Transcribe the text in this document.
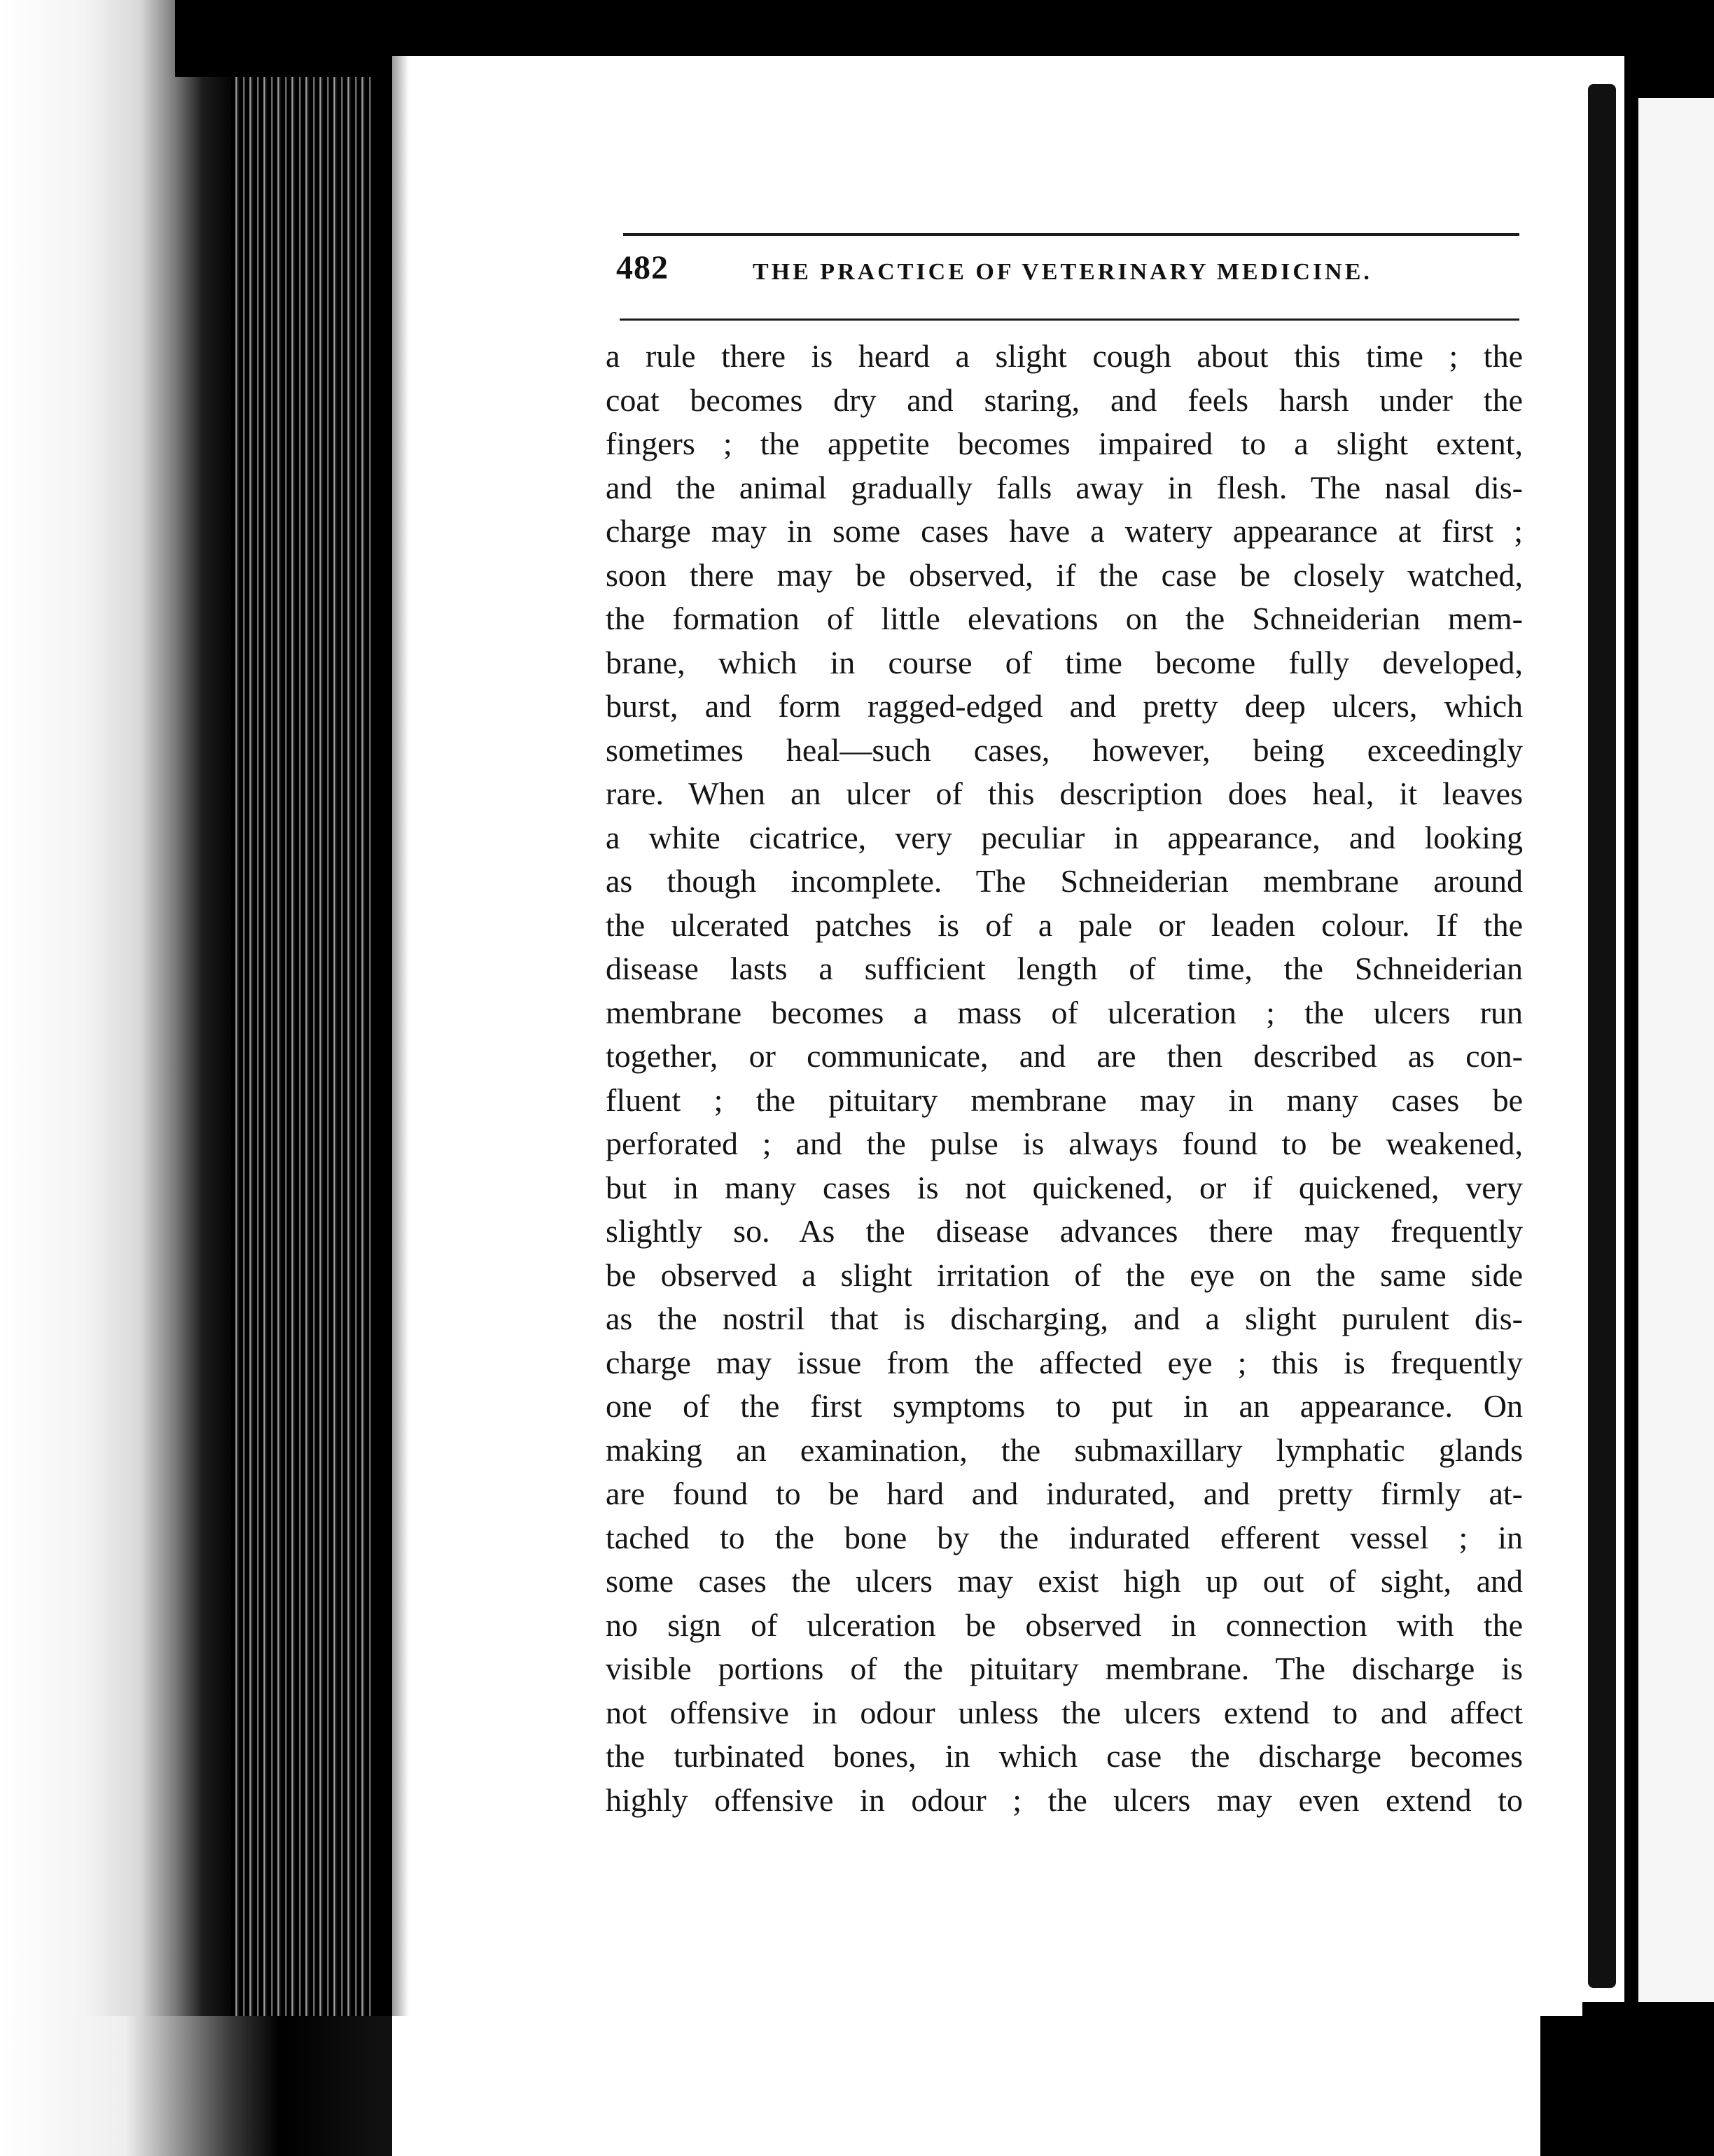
482	THE PRACTICE OF VETERINARY MEDICINE.
a rule there is heard a slight cough about this time ; the
coat becomes dry and staring, and feels harsh under the
fingers ; the appetite becomes impaired to a slight extent,
and the animal gradually falls away in flesh. The nasal dis-
charge may in some cases have a watery appearance at first ;
soon there may be observed, if the case be closely watched,
the formation of little elevations on the Schneiderian mem-
brane, which in course of time become fully developed,
burst, and form ragged-edged and pretty deep ulcers, which
sometimes heal—such cases, however, being exceedingly
rare. When an ulcer of this description does heal, it leaves
a white cicatrice, very peculiar in appearance, and looking
as though incomplete. The Schneiderian membrane around
the ulcerated patches is of a pale or leaden colour. If the
disease lasts a sufficient length of time, the Schneiderian
membrane becomes a mass of ulceration ; the ulcers run
together, or communicate, and are then described as con-
fluent ; the pituitary membrane may in many cases be
perforated ; and the pulse is always found to be weakened,
but in many cases is not quickened, or if quickened, very
slightly so. As the disease advances there may frequently
be observed a slight irritation of the eye on the same side
as the nostril that is discharging, and a slight purulent dis-
charge may issue from the affected eye ; this is frequently
one of the first symptoms to put in an appearance. On
making an examination, the submaxillary lymphatic glands
are found to be hard and indurated, and pretty firmly at-
tached to the bone by the indurated efferent vessel ; in
some cases the ulcers may exist high up out of sight, and
no sign of ulceration be observed in connection with the
visible portions of the pituitary membrane. The discharge is
not offensive in odour unless the ulcers extend to and affect
the turbinated bones, in which case the discharge becomes
highly offensive in odour ; the ulcers may even extend to
